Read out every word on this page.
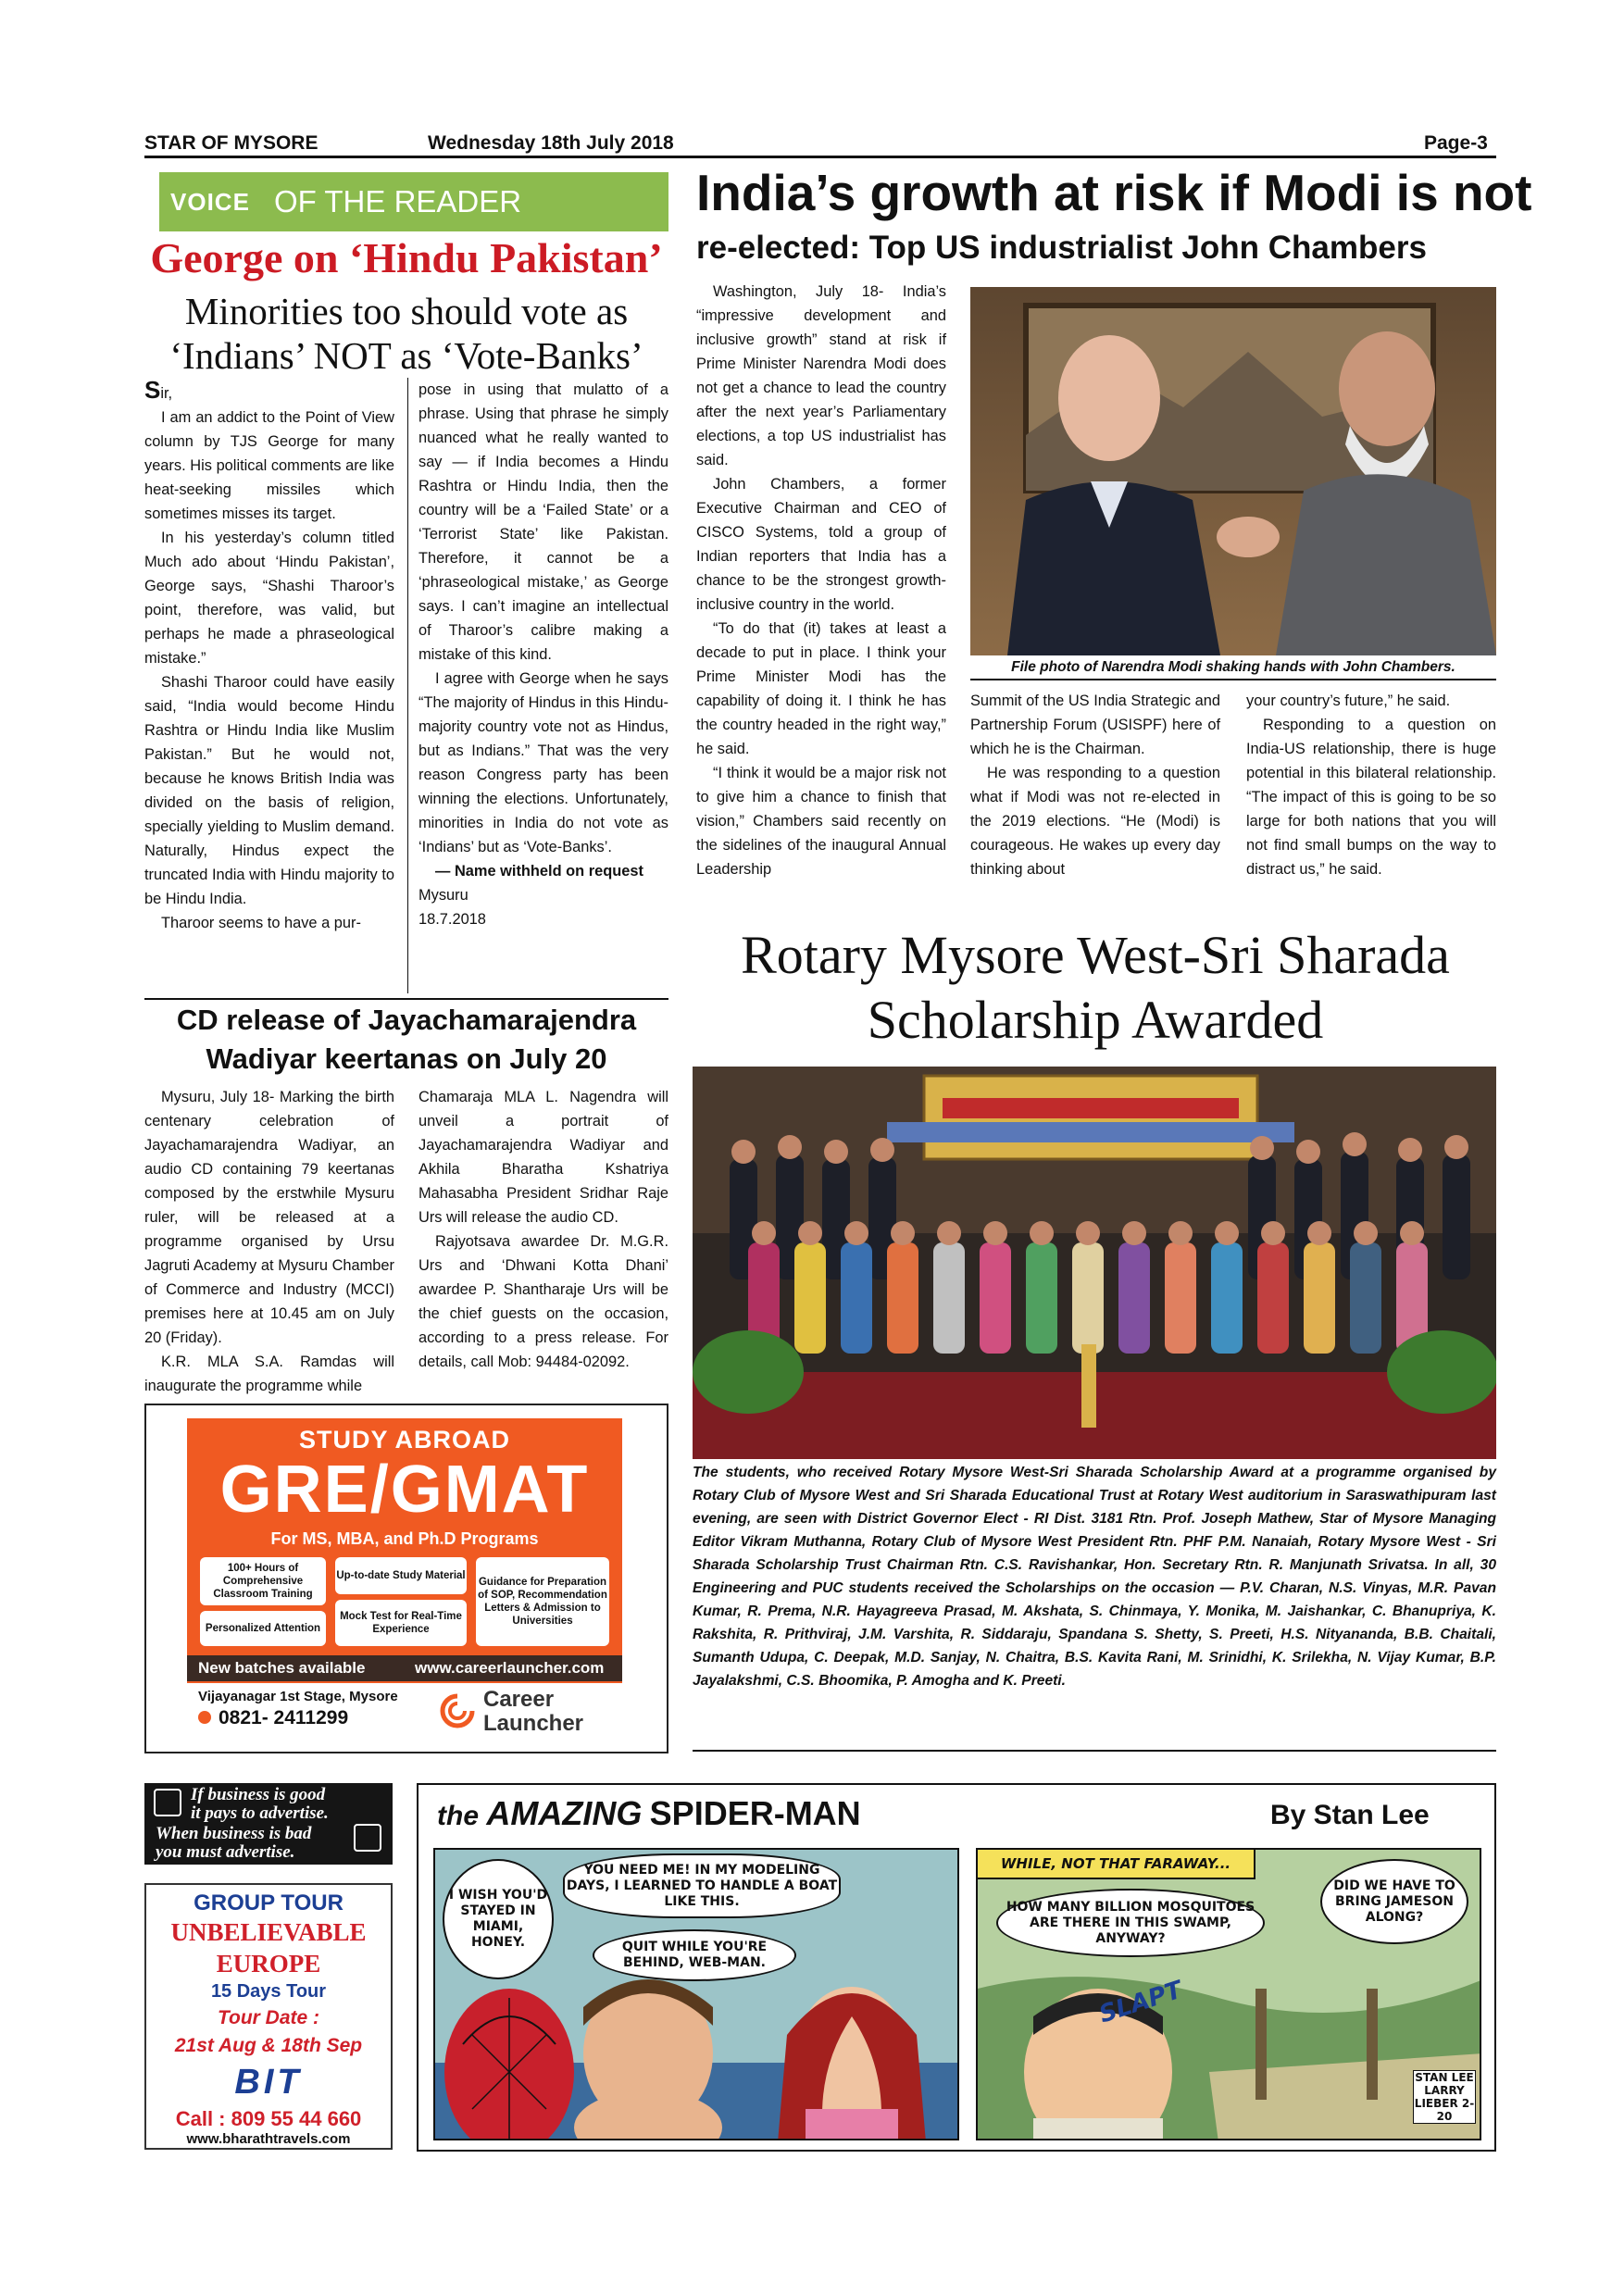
STAR OF MYSORE	Wednesday 18th July 2018	Page-3
VOICE OF THE READER
George on ‘Hindu Pakistan’
Minorities too should vote as
‘Indians’ NOT as ‘Vote-Banks’

Sir,

I am an addict to the Point of View column by TJS George for many years. His political comments are like heat-seeking missiles which sometimes misses its target.

In his yesterday’s column titled Much ado about ‘Hindu Pakistan’, George says, “Shashi Tharoor’s point, therefore, was valid, but perhaps he made a phraseological mistake.”

Shashi Tharoor could have easily said, “India would become Hindu Rashtra or Hindu India like Muslim Pakistan.” But he would not, because he knows British India was divided on the basis of religion, specially yielding to Muslim demand. Naturally, Hindus expect the truncated India with Hindu majority to be Hindu India.

Tharoor seems to have a pur-

pose in using that mulatto of a phrase. Using that phrase he simply nuanced what he really wanted to say — if India becomes a Hindu Rashtra or Hindu India, then the country will be a ‘Failed State’ or a ‘Terrorist State’ like Pakistan. Therefore, it cannot be a ‘phraseological mistake,’ as George says. I can’t imagine an intellectual of Tharoor’s calibre making a mistake of this kind.

I agree with George when he says “The majority of Hindus in this Hindu-majority country vote not as Hindus, but as Indians.” That was the very reason Congress party has been winning the elections. Unfortunately, minorities in India do not vote as ‘Indians’ but as ‘Vote-Banks’.

— Name withheld on request

Mysuru

18.7.2018

India’s growth at risk if Modi is not
re-elected: Top US industrialist John Chambers

Washington, July 18- India’s “impressive development and inclusive growth” stand at risk if Prime Minister Narendra Modi does not get a chance to lead the country after the next year’s Parliamentary elections, a top US industrialist has said.

John Chambers, a former Executive Chairman and CEO of CISCO Systems, told a group of Indian reporters that India has a chance to be the strongest growth-inclusive country in the world.

“To do that (it) takes at least a decade to put in place. I think your Prime Minister Modi has the capability of doing it. I think he has the country headed in the right way,” he said.

“I think it would be a major risk not to give him a chance to finish that vision,” Chambers said recently on the sidelines of the inaugural Annual Leadership

File photo of Narendra Modi shaking hands with John Chambers.

Summit of the US India Strategic and Partnership Forum (USISPF) here of which he is the Chairman.

He was responding to a question what if Modi was not re-elected in the 2019 elections. “He (Modi) is courageous. He wakes up every day thinking about

your country’s future,” he said.

Responding to a question on India-US relationship, there is huge potential in this bilateral relationship. “The impact of this is going to be so large for both nations that you will not find small bumps on the way to distract us,” he said.

CD release of Jayachamarajendra
Wadiyar keertanas on July 20

Mysuru, July 18- Marking the birth centenary celebration of Jayachamarajendra Wadiyar, an audio CD containing 79 keertanas composed by the erstwhile Mysuru ruler, will be released at a programme organised by Ursu Jagruti Academy at Mysuru Chamber of Commerce and Industry (MCCI) premises here at 10.45 am on July 20 (Friday).

K.R. MLA S.A. Ramdas will inaugurate the programme while

Chamaraja MLA L. Nagendra will unveil a portrait of Jayachamarajendra Wadiyar and Akhila Bharatha Kshatriya Mahasabha President Sridhar Raje Urs will release the audio CD.

Rajyotsava awardee Dr. M.G.R. Urs and ‘Dhwani Kotta Dhani’ awardee P. Shantharaje Urs will be the chief guests on the occasion, according to a press release. For details, call Mob: 94484-02092.

Rotary Mysore West-Sri Sharada
Scholarship Awarded
The students, who received Rotary Mysore West-Sri Sharada Scholarship Award at a programme organised by Rotary Club of Mysore West and Sri Sharada Educational Trust at Rotary West auditorium in Saraswathipuram last evening, are seen with District Governor Elect - RI Dist. 3181 Rtn. Prof. Joseph Mathew, Star of Mysore Managing Editor Vikram Muthanna, Rotary Club of Mysore West President Rtn. PHF P.M. Nanaiah, Rotary Mysore West - Sri Sharada Scholarship Trust Chairman Rtn. C.S. Ravishankar, Hon. Secretary Rtn. R. Manjunath Srivatsa. In all, 30 Engineering and PUC students received the Scholarships on the occasion — P.V. Charan, N.S. Vinyas, M.R. Pavan Kumar, R. Prema, N.R. Hayagreeva Prasad, M. Akshata, S. Chinmaya, Y. Monika, M. Jaishankar, C. Bhanupriya, K. Rakshita, R. Prithviraj, J.M. Varshita, R. Siddaraju, Spandana S. Shetty, S. Preeti, H.S. Nityananda, B.B. Chaitali, Sumanth Udupa, C. Deepak, M.D. Sanjay, N. Chaitra, B.S. Kavita Rani, M. Srinidhi, K. Srilekha, N. Vijay Kumar, B.P. Jayalakshmi, C.S. Bhoomika, P. Amogha and K. Preeti.
STUDY ABROAD
GRE/GMAT
For MS, MBA, and Ph.D Programs
100+ Hours of Comprehensive Classroom Training
Personalized Attention
Up-to-date Study Material
Mock Test for Real-Time Experience
Guidance for Preparation of SOP, Recommendation Letters & Admission to Universities
New batches available	www.careerlauncher.com
Vijayanagar 1st Stage, Mysore
0821- 2411299
Career
Launcher
If business is good
it pays to advertise.
When business is bad
you must advertise.
GROUP TOUR
UNBELIEVABLE
EUROPE
15 Days Tour
Tour Date :
21st Aug & 18th Sep
BIT
Call : 809 55 44 660
www.bharathtravels.com
the AMAZING SPIDER-MAN	By Stan Lee
I WISH YOU'D STAYED IN MIAMI, HONEY.
YOU NEED ME! IN MY MODELING DAYS, I LEARNED TO HANDLE A BOAT LIKE THIS.
QUIT WHILE YOU'RE BEHIND, WEB-MAN.
WHILE, NOT THAT FARAWAY...
HOW MANY BILLION MOSQUITOES ARE THERE IN THIS SWAMP, ANYWAY?
DID WE HAVE TO BRING JAMESON ALONG?
SLAPT
STAN LEE LARRY LIEBER 2-20
